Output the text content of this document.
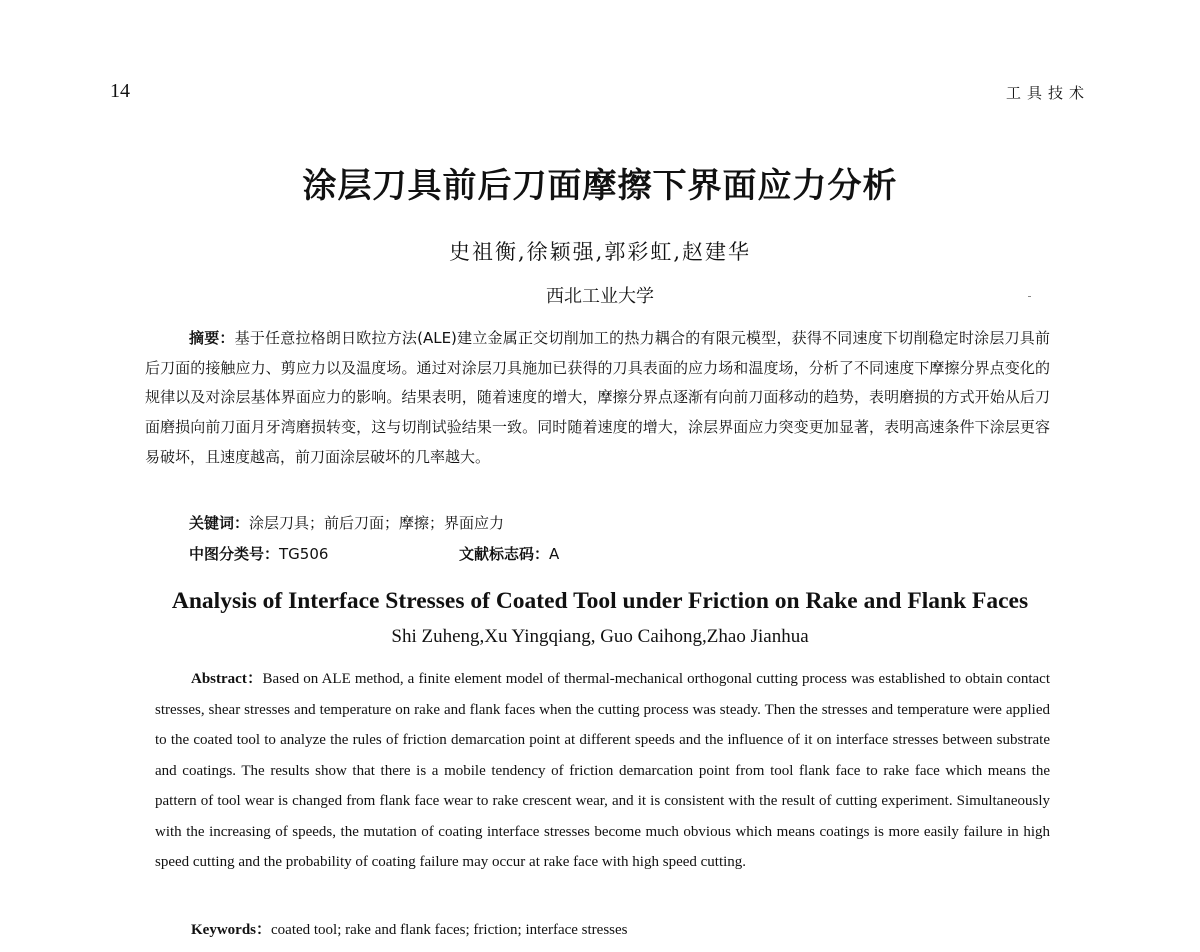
14	工具技术
涂层刀具前后刀面摩擦下界面应力分析
史祖衡,徐颖强,郭彩虹,赵建华
西北工业大学

摘要：基于任意拉格朗日欧拉方法(ALE)建立金属正交切削加工的热力耦合的有限元模型，获得不同速度下切削稳定时涂层刀具前后刀面的接触应力、剪应力以及温度场。通过对涂层刀具施加已获得的刀具表面的应力场和温度场，分析了不同速度下摩擦分界点变化的规律以及对涂层基体界面应力的影响。结果表明，随着速度的增大，摩擦分界点逐渐有向前刀面移动的趋势，表明磨损的方式开始从后刀面磨损向前刀面月牙湾磨损转变，这与切削试验结果一致。同时随着速度的增大，涂层界面应力突变更加显著，表明高速条件下涂层更容易破坏，且速度越高，前刀面涂层破坏的几率越大。

关键词：涂层刀具；前后刀面；摩擦；界面应力
中图分类号：TG506	文献标志码：A
Analysis of Interface Stresses of Coated Tool under Friction on Rake and Flank Faces
Shi Zuheng,Xu Yingqiang, Guo Caihong,Zhao Jianhua

Abstract：Based on ALE method, a finite element model of thermal-mechanical orthogonal cutting process was established to obtain contact stresses, shear stresses and temperature on rake and flank faces when the cutting process was steady. Then the stresses and temperature were applied to the coated tool to analyze the rules of friction demarcation point at different speeds and the influence of it on interface stresses between substrate and coatings. The results show that there is a mobile tendency of friction demarcation point from tool flank face to rake face which means the pattern of tool wear is changed from flank face wear to rake crescent wear, and it is consistent with the result of cutting experiment. Simultaneously with the increasing of speeds, the mutation of coating interface stresses become much obvious which means coatings is more easily failure in high speed cutting and the probability of coating failure may occur at rake face with high speed cutting.

Keywords：coated tool; rake and flank faces; friction; interface stresses
